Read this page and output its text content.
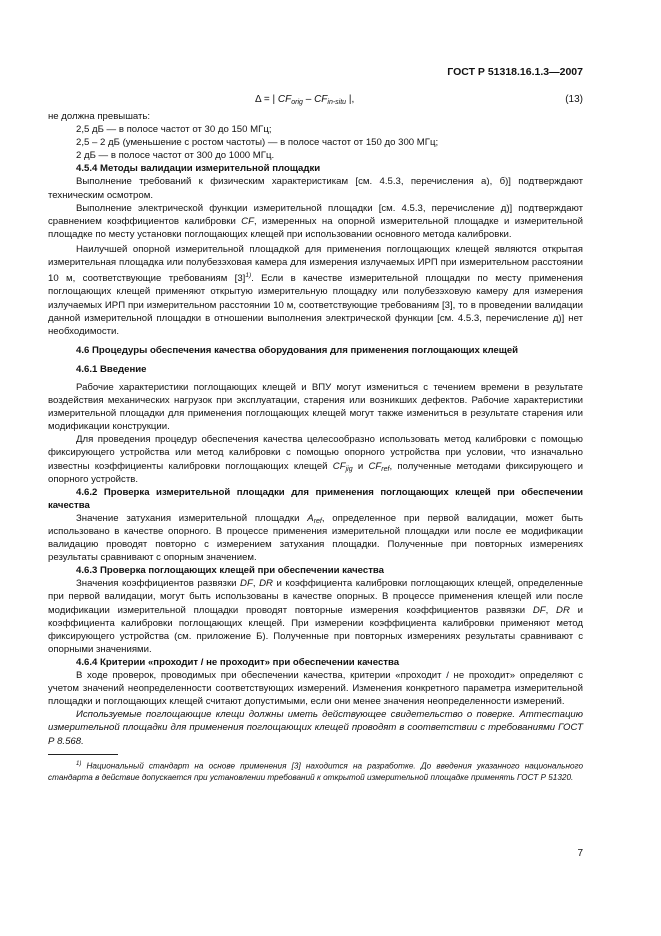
ГОСТ Р 51318.16.1.3—2007
Δ = | $CF_{orig} - CF_{in-situ}$ |,	(13)

не должна превышать:

2,5 дБ — в полосе частот от 30 до 150 МГц;

2,5 – 2 дБ (уменьшение с ростом частоты) — в полосе частот от 150 до 300 МГц;

2 дБ — в полосе частот от 300 до 1000 МГц.

4.5.4 Методы валидации измерительной площадки

Выполнение требований к физическим характеристикам [см. 4.5.3, перечисления а), б)] подтверждают техническим осмотром.

Выполнение электрической функции измерительной площадки [см. 4.5.3, перечисление д)] подтверждают сравнением коэффициентов калибровки CF, измеренных на опорной измерительной площадке и измерительной площадке по месту установки поглощающих клещей при использовании основного метода калибровки.

Наилучшей опорной измерительной площадкой для применения поглощающих клещей являются открытая измерительная площадка или полубезэховая камера для измерения излучаемых ИРП при измерительном расстоянии 10 м, соответствующие требованиям $[3]^{1)}$. Если в качестве измерительной площадки по месту применения поглощающих клещей применяют открытую измерительную площадку или полубезэховую камеру для измерения излучаемых ИРП при измерительном расстоянии 10 м, соответствующие требованиям [3], то в проведении валидации данной измерительной площадки в отношении выполнения электрической функции [см. 4.5.3, перечисление д)] нет необходимости.

4.6 Процедуры обеспечения качества оборудования для применения поглощающих клещей

4.6.1 Введение

Рабочие характеристики поглощающих клещей и ВПУ могут измениться с течением времени в результате воздействия механических нагрузок при эксплуатации, старения или возникших дефектов. Рабочие характеристики измерительной площадки для применения поглощающих клещей могут также измениться в результате старения или модификации конструкции.

Для проведения процедур обеспечения качества целесообразно использовать метод калибровки с помощью фиксирующего устройства или метод калибровки с помощью опорного устройства при условии, что изначально известны коэффициенты калибровки поглощающих клещей $CF_{jig}$ и $CF_{ref}$, полученные методами фиксирующего и опорного устройств.

4.6.2 Проверка измерительной площадки для применения поглощающих клещей при обеспечении качества

Значение затухания измерительной площадки $A_{ref}$, определенное при первой валидации, может быть использовано в качестве опорного. В процессе применения измерительной площадки или после ее модификации валидацию проводят повторно с измерением затухания площадки. Полученные при повторных измерениях результаты сравнивают с опорным значением.

4.6.3 Проверка поглощающих клещей при обеспечении качества

Значения коэффициентов развязки DF, DR и коэффициента калибровки поглощающих клещей, определенные при первой валидации, могут быть использованы в качестве опорных. В процессе применения клещей или после модификации измерительной площадки проводят повторные измерения коэффициентов развязки DF, DR и коэффициента калибровки поглощающих клещей. При измерении коэффициента калибровки применяют метод фиксирующего устройства (см. приложение Б). Полученные при повторных измерениях результаты сравнивают с опорными значениями.

4.6.4 Критерии «проходит / не проходит» при обеспечении качества

В ходе проверок, проводимых при обеспечении качества, критерии «проходит / не проходит» определяют с учетом значений неопределенности соответствующих измерений. Изменения конкретного параметра измерительной площадки и поглощающих клещей считают допустимыми, если они менее значения неопределенности измерений.

Используемые поглощающие клещи должны иметь действующее свидетельство о поверке. Аттестацию измерительной площадки для применения поглощающих клещей проводят в соответствии с требованиями ГОСТ Р 8.568.

$^{1)}$ Национальный стандарт на основе применения [3] находится на разработке. До введения указанного национального стандарта в действие допускается при установлении требований к открытой измерительной площадке применять ГОСТ Р 51320.

7
